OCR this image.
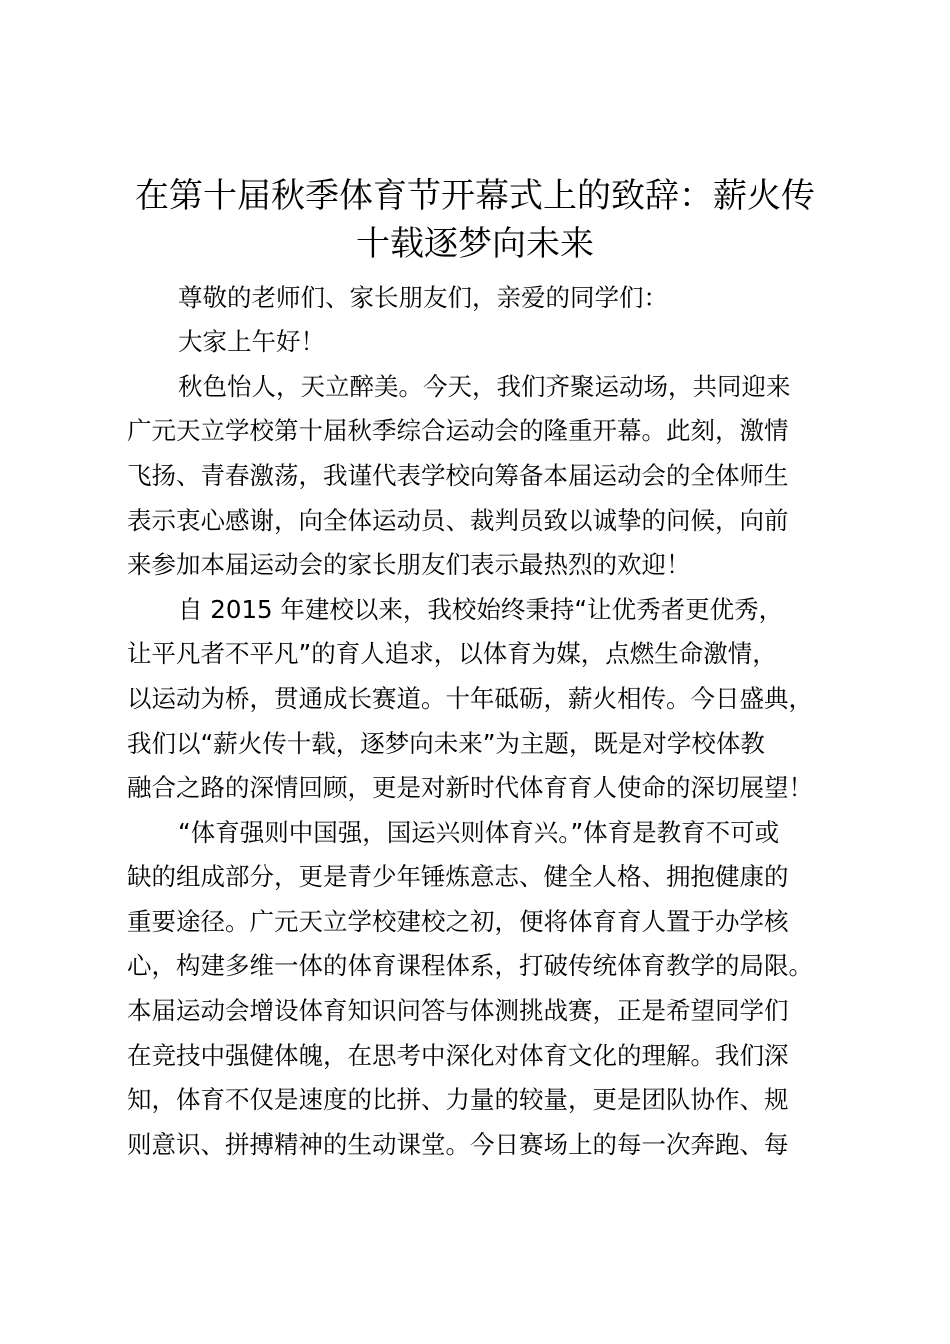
在第十届秋季体育节开幕式上的致辞：薪火传
十载逐梦向未来

尊敬的老师们、家长朋友们，亲爱的同学们：

大家上午好！

秋色怡人，天立醉美。今天，我们齐聚运动场，共同迎来

广元天立学校第十届秋季综合运动会的隆重开幕。此刻，激情

飞扬、青春激荡，我谨代表学校向筹备本届运动会的全体师生

表示衷心感谢，向全体运动员、裁判员致以诚挚的问候，向前

来参加本届运动会的家长朋友们表示最热烈的欢迎！

自 2015 年建校以来，我校始终秉持“让优秀者更优秀，

让平凡者不平凡”的育人追求，以体育为媒，点燃生命激情，

以运动为桥，贯通成长赛道。十年砥砺，薪火相传。今日盛典，

我们以“薪火传十载，逐梦向未来”为主题，既是对学校体教

融合之路的深情回顾，更是对新时代体育育人使命的深切展望！

“体育强则中国强，国运兴则体育兴。”体育是教育不可或

缺的组成部分，更是青少年锤炼意志、健全人格、拥抱健康的

重要途径。广元天立学校建校之初，便将体育育人置于办学核

心，构建多维一体的体育课程体系，打破传统体育教学的局限。

本届运动会增设体育知识问答与体测挑战赛，正是希望同学们

在竞技中强健体魄，在思考中深化对体育文化的理解。我们深

知，体育不仅是速度的比拼、力量的较量，更是团队协作、规

则意识、拼搏精神的生动课堂。今日赛场上的每一次奔跑、每
